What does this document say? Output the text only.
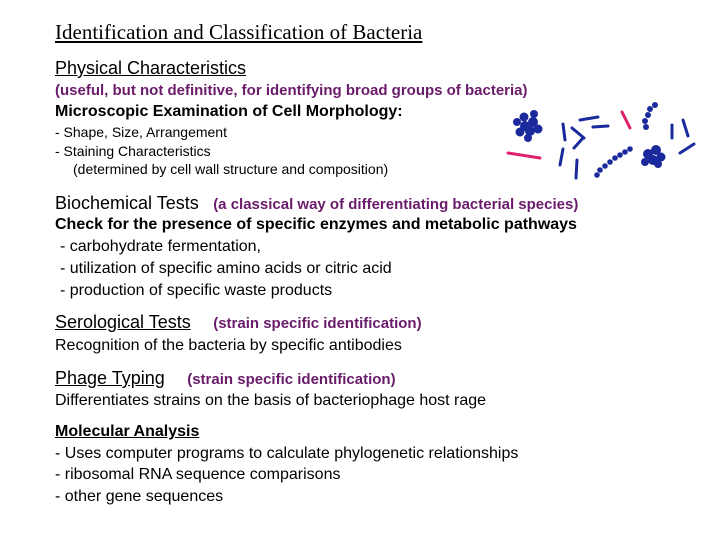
Identification and Classification of Bacteria
Physical Characteristics
(useful, but not definitive, for identifying broad groups of bacteria)
Microscopic Examination of Cell Morphology:
- Shape, Size, Arrangement
- Staining Characteristics
(determined by cell wall structure and composition)
Biochemical Tests (a classical way of differentiating bacterial species)
Check for the presence of specific enzymes and metabolic pathways
- carbohydrate fermentation,
- utilization of specific amino acids or citric acid
- production of specific waste products
Serological Tests (strain specific identification)
Recognition of the bacteria by specific antibodies
Phage Typing (strain specific identification)
Differentiates strains on the basis of bacteriophage host rage
Molecular Analysis
- Uses computer programs to calculate phylogenetic relationships
- ribosomal RNA sequence comparisons
- other gene sequences
